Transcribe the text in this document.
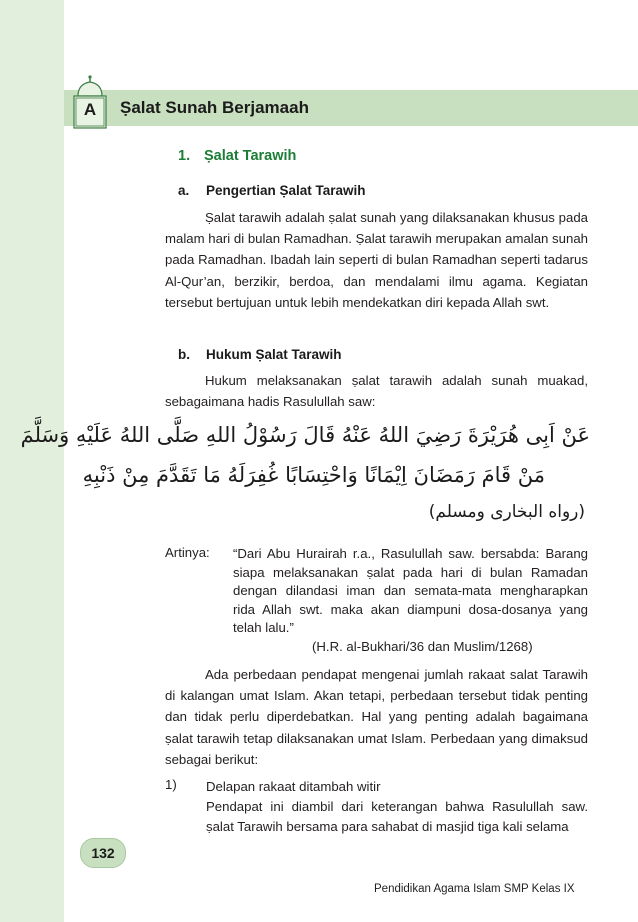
Ṣalat Sunah Berjamaah
A
1. Ṣalat Tarawih
a. Pengertian Ṣalat Tarawih

Ṣalat tarawih adalah ṣalat sunah yang dilaksanakan khusus pada malam hari di bulan Ramadhan. Ṣalat tarawih merupakan amalan sunah pada Ramadhan. Ibadah lain seperti di bulan Ramadhan seperti tadarus Al-Qur’an, berzikir, berdoa, dan mendalami ilmu agama. Kegiatan tersebut bertujuan untuk lebih mendekatkan diri kepada Allah swt.

b. Hukum Ṣalat Tarawih

Hukum melaksanakan ṣalat tarawih adalah sunah muakad, sebagaimana hadis Rasulullah saw:

عَنْ اَبِى هُرَيْرَةَ رَضِيَ اللهُ عَنْهُ قَالَ رَسُوْلُ اللهِ صَلَّى اللهُ عَلَيْهِ وَسَلَّمَ
مَنْ قَامَ رَمَضَانَ اِيْمَانًا وَاحْتِسَابًا غُفِرَلَهُ مَا تَقَدَّمَ مِنْ ذَنْبِهِ
(رواه البخارى ومسلم)
Artinya: “Dari Abu Hurairah r.a., Rasulullah saw. bersabda: Barang siapa melaksanakan ṣalat pada hari di bulan Ramadan dengan dilandasi iman dan semata-mata mengharapkan rida Allah swt. maka akan diampuni dosa-dosanya yang telah lalu.”

(H.R. al-Bukhari/36 dan Muslim/1268)

Ada perbedaan pendapat mengenai jumlah rakaat salat Tarawih di kalangan umat Islam. Akan tetapi, perbedaan tersebut tidak penting dan tidak perlu diperdebatkan. Hal yang penting adalah bagaimana ṣalat tarawih tetap dilaksanakan umat Islam. Perbedaan yang dimaksud sebagai berikut:

1) Delapan rakaat ditambah witir

Pendapat ini diambil dari keterangan bahwa Rasulullah saw. ṣalat Tarawih bersama para sahabat di masjid tiga kali selama

132
Pendidikan Agama Islam SMP Kelas IX
